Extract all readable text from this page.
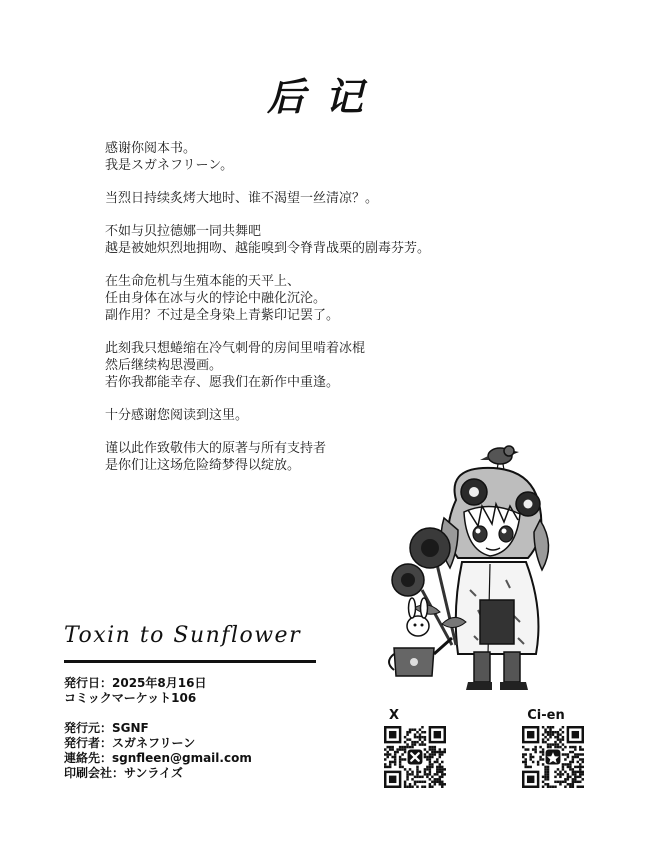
后记
感谢你阅本书。
我是スガネフリーン。
当烈日持续炙烤大地时、谁不渴望一丝清凉？。
不如与贝拉德娜一同共舞吧
越是被她炽烈地拥吻、越能嗅到令脊背战栗的剧毒芬芳。
在生命危机与生殖本能的天平上、
任由身体在冰与火的悖论中融化沉沦。
副作用？不过是全身染上青紫印记罢了。
此刻我只想蜷缩在冷气刺骨的房间里啃着冰棍
然后继续构思漫画。
若你我都能幸存、愿我们在新作中重逢。
十分感谢您阅读到这里。
谨以此作致敬伟大的原著与所有支持者
是你们让这场危险绮梦得以绽放。
Toxin to Sunflower
発行日：2025年8月16日
コミックマーケット106
発行元：SGNF
発行者：スガネフリーン
連絡先：sgnfleen@gmail.com
印刷会社：サンライズ
X	Ci-en
